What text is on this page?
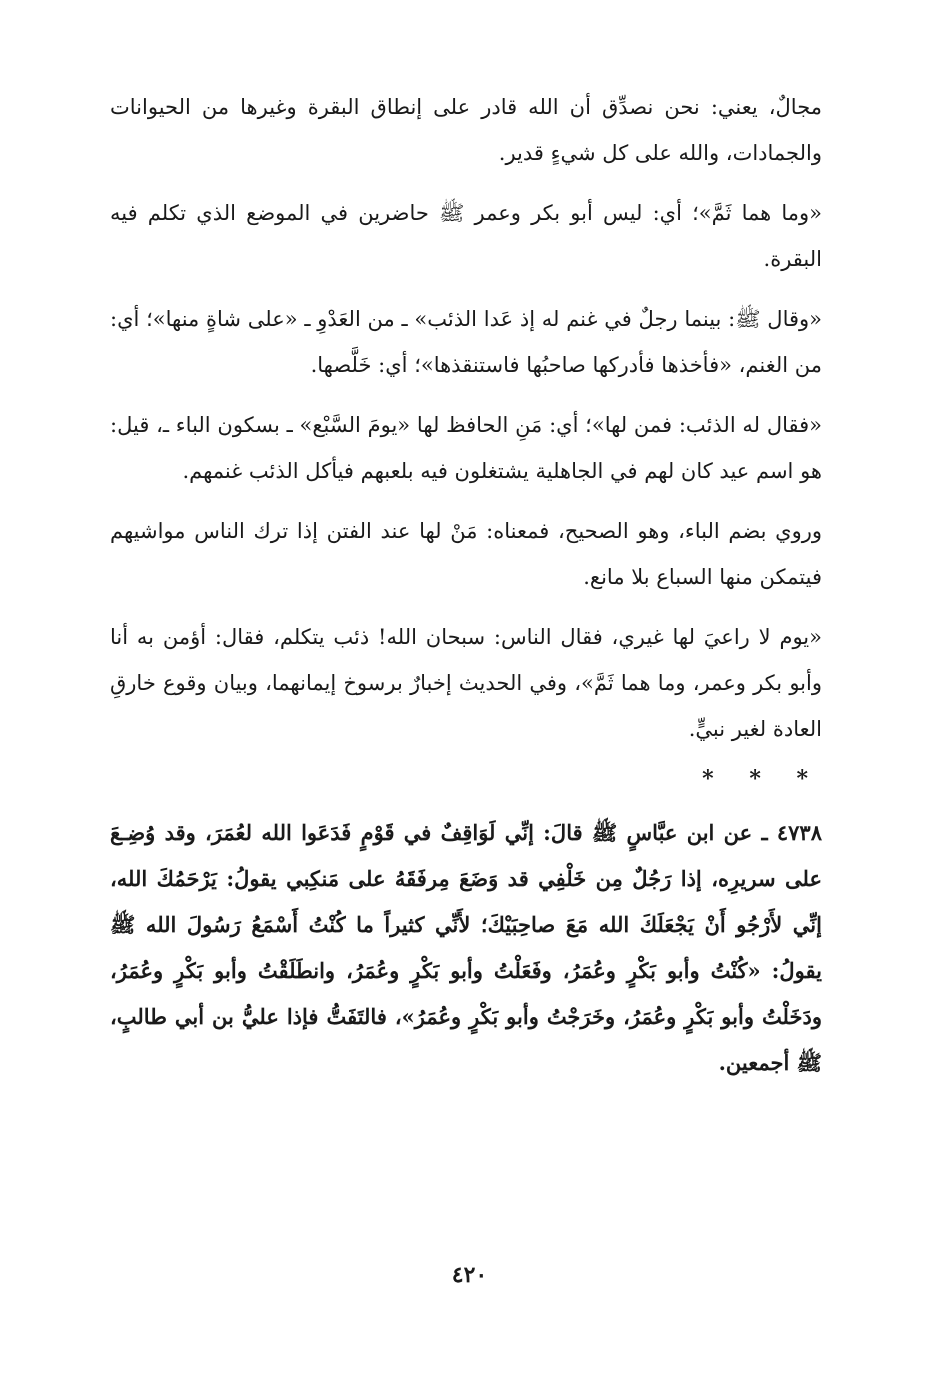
مجالٌ، يعني: نحن نصدِّق أن الله قادر على إنطاق البقرة وغيرها من الحيوانات والجمادات، والله على كل شيءٍ قدير.

«وما هما ثَمَّ»؛ أي: ليس أبو بكر وعمر ﷺ حاضرين في الموضع الذي تكلم فيه البقرة.

«وقال ﷺ: بينما رجلٌ في غنم له إذ عَدا الذئب» ـ من العَدْوِ ـ «على شاةٍ منها»؛ أي: من الغنم، «فأخذها فأدركها صاحبُها فاستنقذها»؛ أي: خَلَّصها.

«فقال له الذئب: فمن لها»؛ أي: مَنِ الحافظ لها «يومَ السَّبْع» ـ بسكون الباء ـ، قيل: هو اسم عيد كان لهم في الجاهلية يشتغلون فيه بلعبهم فيأكل الذئب غنمهم.

وروي بضم الباء، وهو الصحيح، فمعناه: مَنْ لها عند الفتن إذا ترك الناس مواشيهم فيتمكن منها السباع بلا مانع.

«يوم لا راعيَ لها غيري، فقال الناس: سبحان الله! ذئب يتكلم، فقال: أؤمن به أنا وأبو بكر وعمر، وما هما ثَمَّ»، وفي الحديث إخبارٌ برسوخ إيمانهما، وبيان وقوع خارقِ العادة لغير نبيٍّ.

* * *

٤٧٣٨ ـ عن ابن عبَّاسٍ ﷺ قالَ: إنِّي لَوَاقِفٌ في قَوْمٍ فَدَعَوا الله لعُمَرَ، وقد وُضِـعَ على سريرِه، إذا رَجُلٌ مِن خَلْفِي قد وَضَعَ مِرفَقَهُ على مَنكِبي يقولُ: يَرْحَمُكَ الله، إنِّي لأَرْجُو أَنْ يَجْعَلَكَ الله مَعَ صاحِبَيْكَ؛ لأَنِّي كثيراً ما كُنْتُ أَسْمَعُ رَسُولَ الله ﷺ يقولُ: «كُنْتُ وأبو بَكْرٍ وعُمَرُ، وفَعَلْتُ وأبو بَكْرٍ وعُمَرُ، وانطَلَقْتُ وأبو بَكْرٍ وعُمَرُ، ودَخَلْتُ وأبو بَكْرٍ وعُمَرُ، وخَرَجْتُ وأبو بَكْرٍ وعُمَرُ»، فالتَفَتُّ فإذا عليُّ بن أبي طالبٍ، ﷺ أجمعين.

٤٢٠
